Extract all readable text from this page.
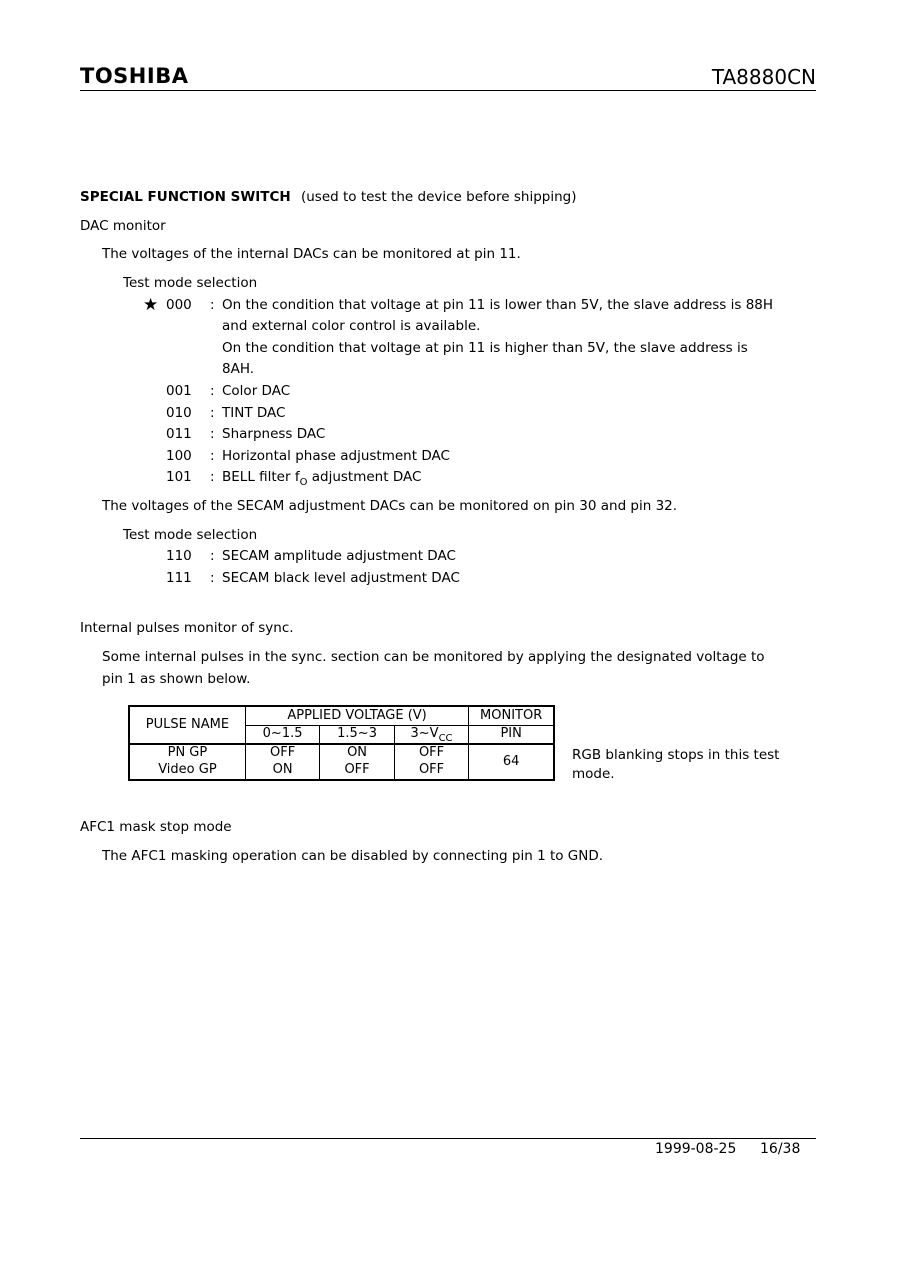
TOSHIBA	TA8880CN
SPECIAL FUNCTION SWITCH (used to test the device before shipping)
DAC monitor
The voltages of the internal DACs can be monitored at pin 11.
Test mode selection
★ 000 : On the condition that voltage at pin 11 is lower than 5V, the slave address is 88H
and external color control is available.
On the condition that voltage at pin 11 is higher than 5V, the slave address is
8AH.
001 : Color DAC
010 : TINT DAC
011 : Sharpness DAC
100 : Horizontal phase adjustment DAC
101 : BELL filter $f_O$ adjustment DAC
The voltages of the SECAM adjustment DACs can be monitored on pin 30 and pin 32.
Test mode selection
110 : SECAM amplitude adjustment DAC
111 : SECAM black level adjustment DAC
Internal pulses monitor of sync.
Some internal pulses in the sync. section can be monitored by applying the designated voltage to
pin 1 as shown below.
PULSE NAME	APPLIED VOLTAGE (V)			MONITOR
	0~1.5	1.5~3	$3\sim V_{CC}$	PIN
PN GP	OFF	ON	OFF	64
Video GP	ON	OFF	OFF	
RGB blanking stops in this test
mode.
AFC1 mask stop mode
The AFC1 masking operation can be disabled by connecting pin 1 to GND.
1999-08-25 16/38
